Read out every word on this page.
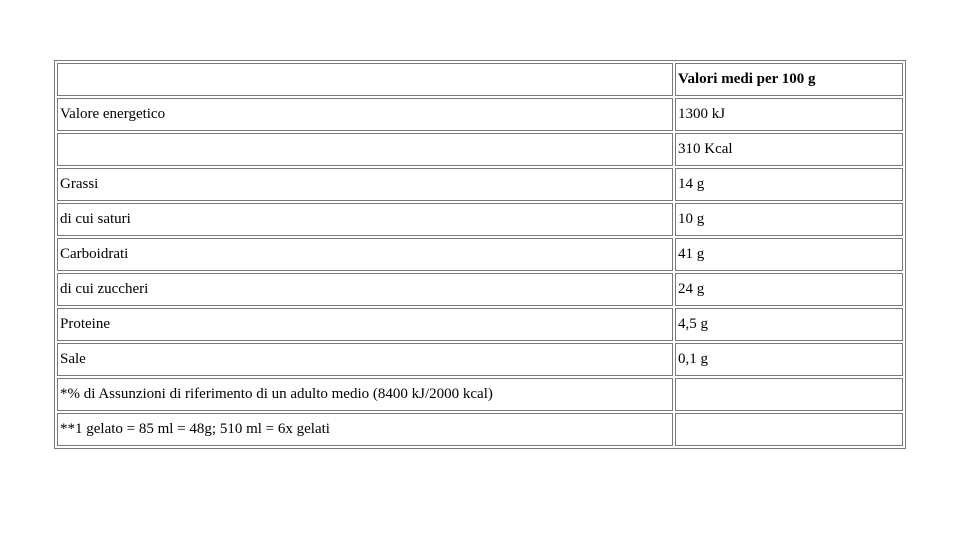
	Valori medi per 100 g
Valore energetico	1300 kJ
	310 Kcal
Grassi	14 g
di cui saturi	10 g
Carboidrati	41 g
di cui zuccheri	24 g
Proteine	4,5 g
Sale	0,1 g
*% di Assunzioni di riferimento di un adulto medio (8400 kJ/2000 kcal)	
**1 gelato = 85 ml = 48g; 510 ml = 6x gelati	
